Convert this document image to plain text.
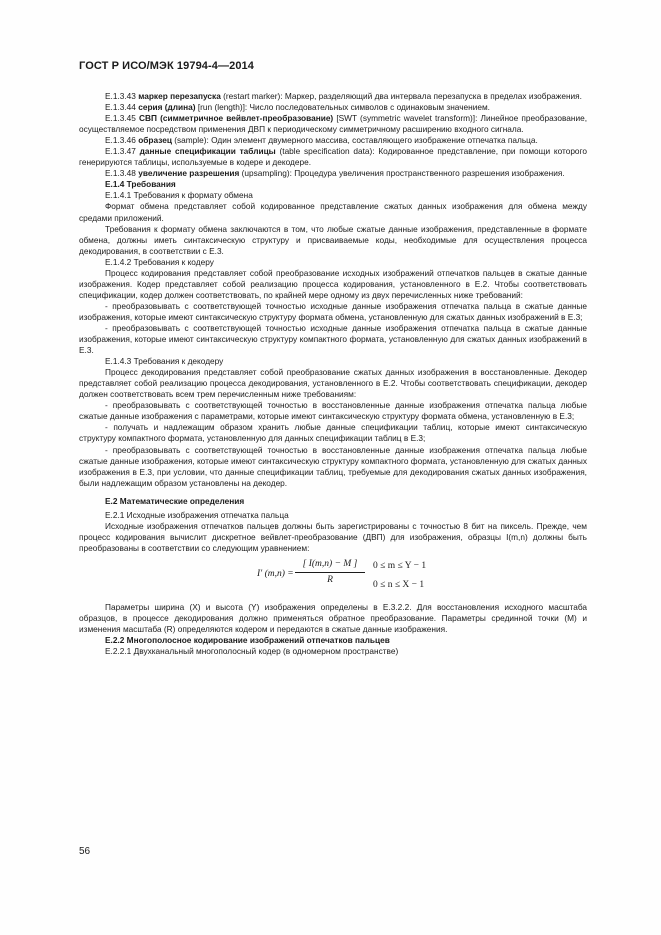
ГОСТ Р ИСО/МЭК 19794-4—2014

E.1.3.43 маркер перезапуска (restart marker): Маркер, разделяющий два интервала перезапуска в пределах изображения.

E.1.3.44 серия (длина) [run (length)]: Число последовательных символов с одинаковым значением.

E.1.3.45 СВП (симметричное вейвлет-преобразование) [SWT (symmetric wavelet transform)]: Линейное преобразование, осуществляемое посредством применения ДВП к периодическому симметричному расширению входного сигнала.

E.1.3.46 образец (sample): Один элемент двумерного массива, составляющего изображение отпечатка пальца.

E.1.3.47 данные спецификации таблицы (table specification data): Кодированное представление, при помощи которого генерируются таблицы, используемые в кодере и декодере.

E.1.3.48 увеличение разрешения (upsampling): Процедура увеличения пространственного разрешения изображения.

E.1.4 Требования

E.1.4.1 Требования к формату обмена

Формат обмена представляет собой кодированное представление сжатых данных изображения для обмена между средами приложений.

Требования к формату обмена заключаются в том, что любые сжатые данные изображения, представленные в формате обмена, должны иметь синтаксическую структуру и присваиваемые коды, необходимые для осуществления процесса декодирования, в соответствии с E.3.

E.1.4.2 Требования к кодеру

Процесс кодирования представляет собой преобразование исходных изображений отпечатков пальцев в сжатые данные изображения. Кодер представляет собой реализацию процесса кодирования, установленного в E.2. Чтобы соответствовать спецификации, кодер должен соответствовать, по крайней мере одному из двух перечисленных ниже требований:

- преобразовывать с соответствующей точностью исходные данные изображения отпечатка пальца в сжатые данные изображения, которые имеют синтаксическую структуру формата обмена, установленную для сжатых данных изображений в E.3;

- преобразовывать с соответствующей точностью исходные данные изображения отпечатка пальца в сжатые данные изображения, которые имеют синтаксическую структуру компактного формата, установленную для сжатых данных изображений в E.3.

E.1.4.3 Требования к декодеру

Процесс декодирования представляет собой преобразование сжатых данных изображения в восстановленные. Декодер представляет собой реализацию процесса декодирования, установленного в E.2. Чтобы соответствовать спецификации, декодер должен соответствовать всем трем перечисленным ниже требованиям:

- преобразовывать с соответствующей точностью в восстановленные данные изображения отпечатка пальца любые сжатые данные изображения с параметрами, которые имеют синтаксическую структуру формата обмена, установленную в E.3;

- получать и надлежащим образом хранить любые данные спецификации таблиц, которые имеют синтаксическую структуру компактного формата, установленную для данных спецификации таблиц в E.3;

- преобразовывать с соответствующей точностью в восстановленные данные изображения отпечатка пальца любые сжатые данные изображения, которые имеют синтаксическую структуру компактного формата, установленную для сжатых данных изображения в E.3, при условии, что данные спецификации таблиц, требуемые для декодирования сжатых данных изображения, были надлежащим образом установлены на декодер.

E.2 Математические определения

E.2.1 Исходные изображения отпечатка пальца

Исходные изображения отпечатков пальцев должны быть зарегистрированы с точностью 8 бит на пиксель. Прежде, чем процесс кодирования вычислит дискретное вейвлет-преобразование (ДВП) для изображения, образцы I(m,n) должны быть преобразованы в соответствии со следующим уравнением:

I′ $(m,n) = \frac{[ I(m,n) - M ]}{R} 0 \le m \le Y - 1$
0 ≤ n ≤ X − 1

Параметры ширина (X) и высота (Y) изображения определены в E.3.2.2. Для восстановления исходного масштаба образцов, в процессе декодирования должно применяться обратное преобразование. Параметры срединной точки (M) и изменения масштаба (R) определяются кодером и передаются в сжатые данные изображения.

E.2.2 Многополосное кодирование изображений отпечатков пальцев

E.2.2.1 Двухканальный многополосный кодер (в одномерном пространстве)

56
